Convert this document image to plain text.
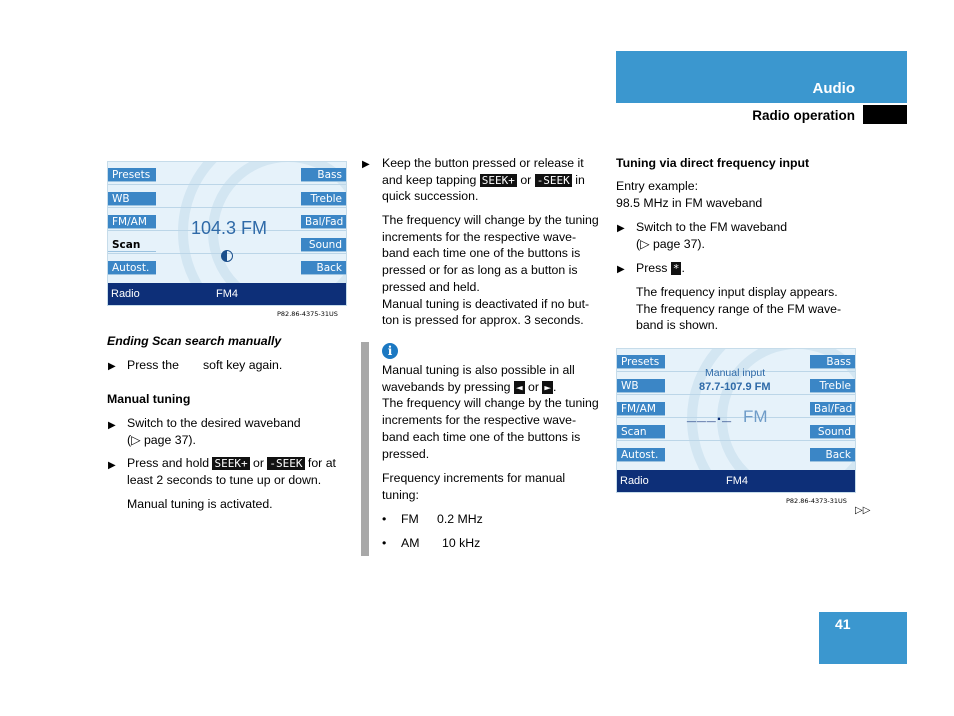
Audio
Radio operation
Presets
WB
FM/AM
Scan
Autost.
Bass
Treble
Bal/Fad
Sound
Back
104.3 FM
Radio	FM4
P82.86-4375-31US
Ending Scan search manually
▶ Press the soft key again.
Manual tuning
▶ Switch to the desired waveband
(▷ page 37).
▶ Press and hold SEEK+ or -SEEK for at
least 2 seconds to tune up or down.
Manual tuning is activated.
▶ Keep the button pressed or release it
and keep tapping SEEK+ or -SEEK in
quick succession.
The frequency will change by the tuning
increments for the respective wave-
band each time one of the buttons is
pressed or for as long as a button is
pressed and held.
Manual tuning is deactivated if no but-
ton is pressed for approx. 3 seconds.
i
Manual tuning is also possible in all
wavebands by pressing ◄ or ► .
The frequency will change by the tuning
increments for the respective wave-
band each time one of the buttons is
pressed.
Frequency increments for manual
tuning:
• FM 0.2 MHz
• AM 10 kHz
Tuning via direct frequency input
Entry example:
98.5 MHz in FM waveband
▶ Switch to the FM waveband
(▷ page 37).
▶ Press * .
The frequency input display appears.
The frequency range of the FM wave-
band is shown.
Presets
WB
FM/AM
Scan
Autost.
Bass
Treble
Bal/Fad
Sound
Back
Manual input
87.7-107.9 FM
___._ FM
Radio	FM4
P82.86-4373-31US
▷▷
41
